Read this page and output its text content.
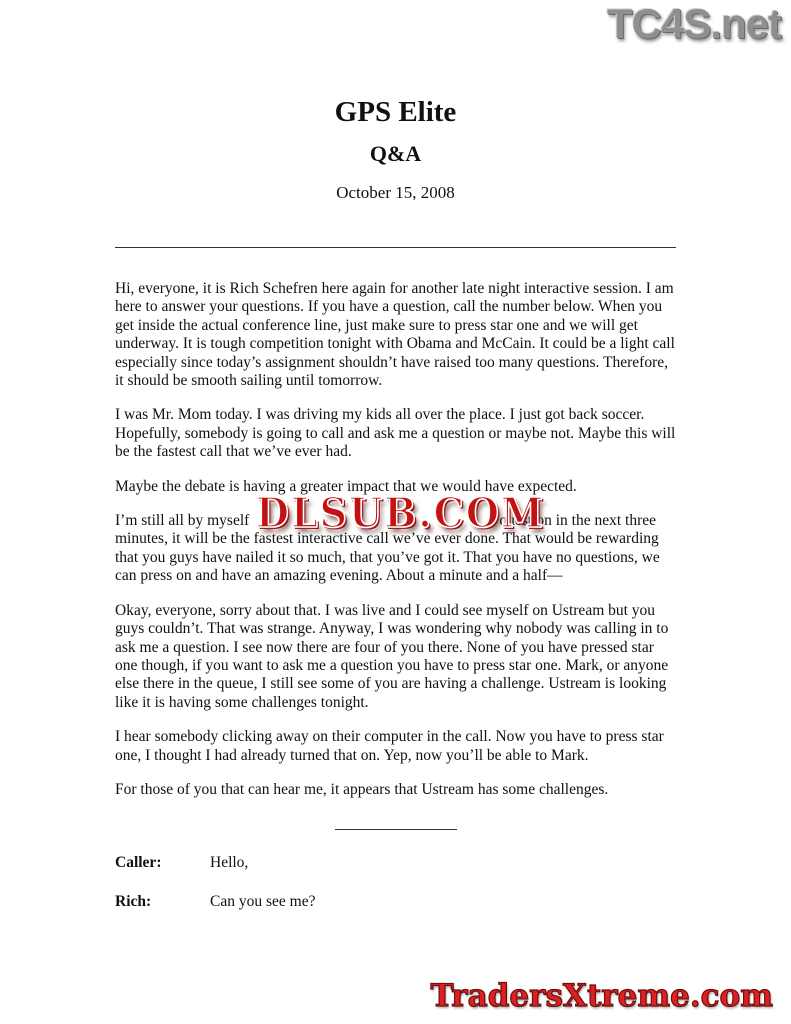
TC4S.net
GPS Elite
Q&A
October 15, 2008

Hi, everyone, it is Rich Schefren here again for another late night interactive session. I am here to answer your questions. If you have a question, call the number below. When you get inside the actual conference line, just make sure to press star one and we will get underway. It is tough competition tonight with Obama and McCain. It could be a light call especially since today’s assignment shouldn’t have raised too many questions. Therefore, it should be smooth sailing until tomorrow.

I was Mr. Mom today. I was driving my kids all over the place. I just got back soccer. Hopefully, somebody is going to call and ask me a question or maybe not. Maybe this will be the fastest call that we’ve ever had.

Maybe the debate is having a greater impact that we would have expected.

I’m still all by myself	question in the next three minutes, it will be the fastest interactive call we’ve ever done. That would be rewarding that you guys have nailed it so much, that you’ve got it. That you have no questions, we can press on and have an amazing evening. About a minute and a half—

Okay, everyone, sorry about that. I was live and I could see myself on Ustream but you guys couldn’t. That was strange. Anyway, I was wondering why nobody was calling in to ask me a question. I see now there are four of you there. None of you have pressed star one though, if you want to ask me a question you have to press star one. Mark, or anyone else there in the queue, I still see some of you are having a challenge. Ustream is looking like it is having some challenges tonight.

I hear somebody clicking away on their computer in the call. Now you have to press star one, I thought I had already turned that on. Yep, now you’ll be able to Mark.

For those of you that can hear me, it appears that Ustream has some challenges.

Caller:	Hello,
Rich:	Can you see me?
DLSUB.COM
TradersXtreme.com
